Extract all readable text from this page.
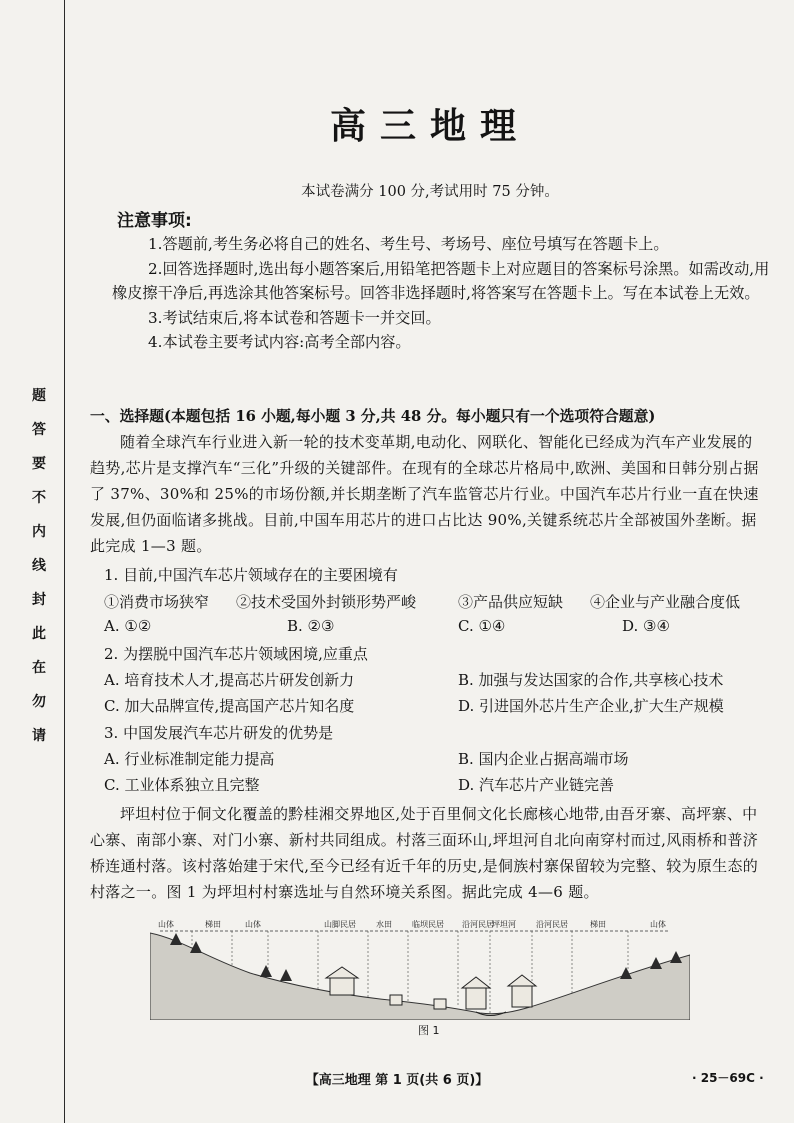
题
答
要
不
内
线
封
此
在
勿
请
高三地理
本试卷满分 100 分,考试用时 75 分钟。
注意事项:

1.答题前,考生务必将自己的姓名、考生号、考场号、座位号填写在答题卡上。

2.回答选择题时,选出每小题答案后,用铅笔把答题卡上对应题目的答案标号涂黑。如需改动,用橡皮擦干净后,再选涂其他答案标号。回答非选择题时,将答案写在答题卡上。写在本试卷上无效。

3.考试结束后,将本试卷和答题卡一并交回。

4.本试卷主要考试内容:高考全部内容。

一、选择题(本题包括 16 小题,每小题 3 分,共 48 分。每小题只有一个选项符合题意)

随着全球汽车行业进入新一轮的技术变革期,电动化、网联化、智能化已经成为汽车产业发展的趋势,芯片是支撑汽车“三化”升级的关键部件。在现有的全球芯片格局中,欧洲、美国和日韩分别占据了 37%、30%和 25%的市场份额,并长期垄断了汽车监管芯片行业。中国汽车芯片行业一直在快速发展,但仍面临诸多挑战。目前,中国车用芯片的进口占比达 90%,关键系统芯片全部被国外垄断。据此完成 1—3 题。

1. 目前,中国汽车芯片领域存在的主要困境有
①消费市场狭窄 ②技术受国外封锁形势严峻	③产品供应短缺 ④企业与产业融合度低
A. ①②	B. ②③	C. ①④	D. ③④
2. 为摆脱中国汽车芯片领域困境,应重点
A. 培育技术人才,提高芯片研发创新力	B. 加强与发达国家的合作,共享核心技术
C. 加大品牌宣传,提高国产芯片知名度	D. 引进国外芯片生产企业,扩大生产规模
3. 中国发展汽车芯片研发的优势是
A. 行业标准制定能力提高	B. 国内企业占据高端市场
C. 工业体系独立且完整	D. 汽车芯片产业链完善

坪坦村位于侗文化覆盖的黔桂湘交界地区,处于百里侗文化长廊核心地带,由吾牙寨、高坪寨、中心寨、南部小寨、对门小寨、新村共同组成。村落三面环山,坪坦河自北向南穿村而过,风雨桥和普济桥连通村落。该村落始建于宋代,至今已经有近千年的历史,是侗族村寨保留较为完整、较为原生态的村落之一。图 1 为坪坦村村寨选址与自然环境关系图。据此完成 4—6 题。

山体	梯田	山体	山脚民居	水田	临坝民居 沿河民居
坪坦河	沿河民居	梯田	山体
图 1
【高三地理 第 1 页(共 6 页)】	· 25－69C ·
